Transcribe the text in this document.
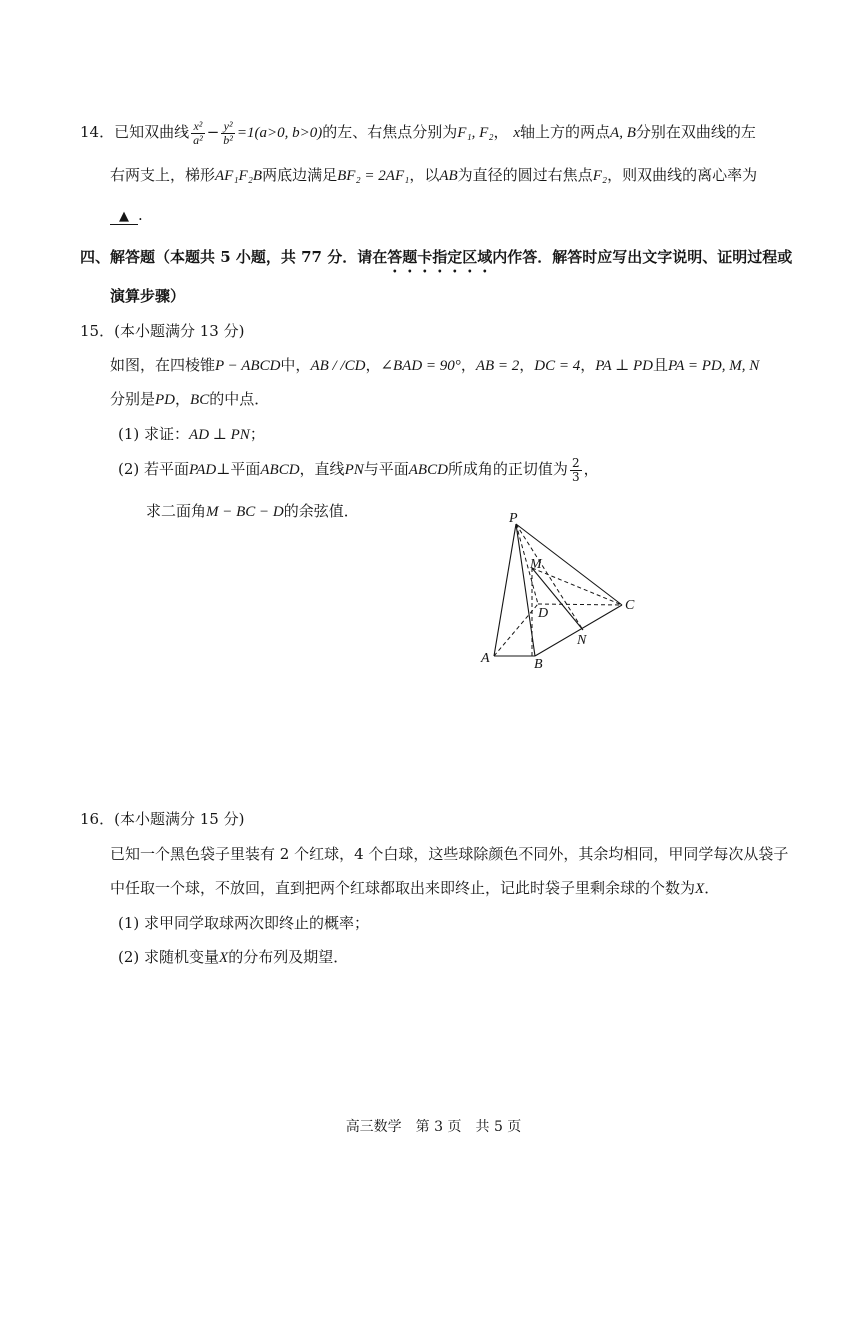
14．已知双曲线 $\frac{\text{x²}}{\text{a²}} - \frac{\text{y²}}{\text{b²}} =1(a>0$, b>0)的左、右焦点分别为F₁, F₂， x轴上方的两点A, B分别在双曲线的左
右两支上，梯形AF₁F₂B两底边满足BF₂ = 2AF₁，以AB为直径的圆过右焦点F₂，则双曲线的离心率为
▲ .
四、解答题（本题共 5 小题，共 77 分．请在答题卡指定区域内作答．解答时应写出文字说明、证明过程或
演算步骤）
15．(本小题满分 13 分)
如图，在四棱锥P − ABCD中，AB / /CD，∠BAD = 90°，AB = 2，DC = 4，PA ⊥ PD且PA = PD, M, N
分别是PD，BC的中点．
(1) 求证：AD ⊥ PN；
(2) 若平面PAD⊥平面ABCD，直线PN与平面ABCD所成角的正切值为 $\frac{2}{3}$ ，
求二面角M − BC − D的余弦值．	P
M
D
C
N
A	B
16．(本小题满分 15 分)
已知一个黑色袋子里装有 2 个红球，4 个白球，这些球除颜色不同外，其余均相同，甲同学每次从袋子
中任取一个球，不放回，直到把两个红球都取出来即终止，记此时袋子里剩余球的个数为X．
(1) 求甲同学取球两次即终止的概率；
(2) 求随机变量X的分布列及期望．
高三数学　第 3 页　共 5 页
